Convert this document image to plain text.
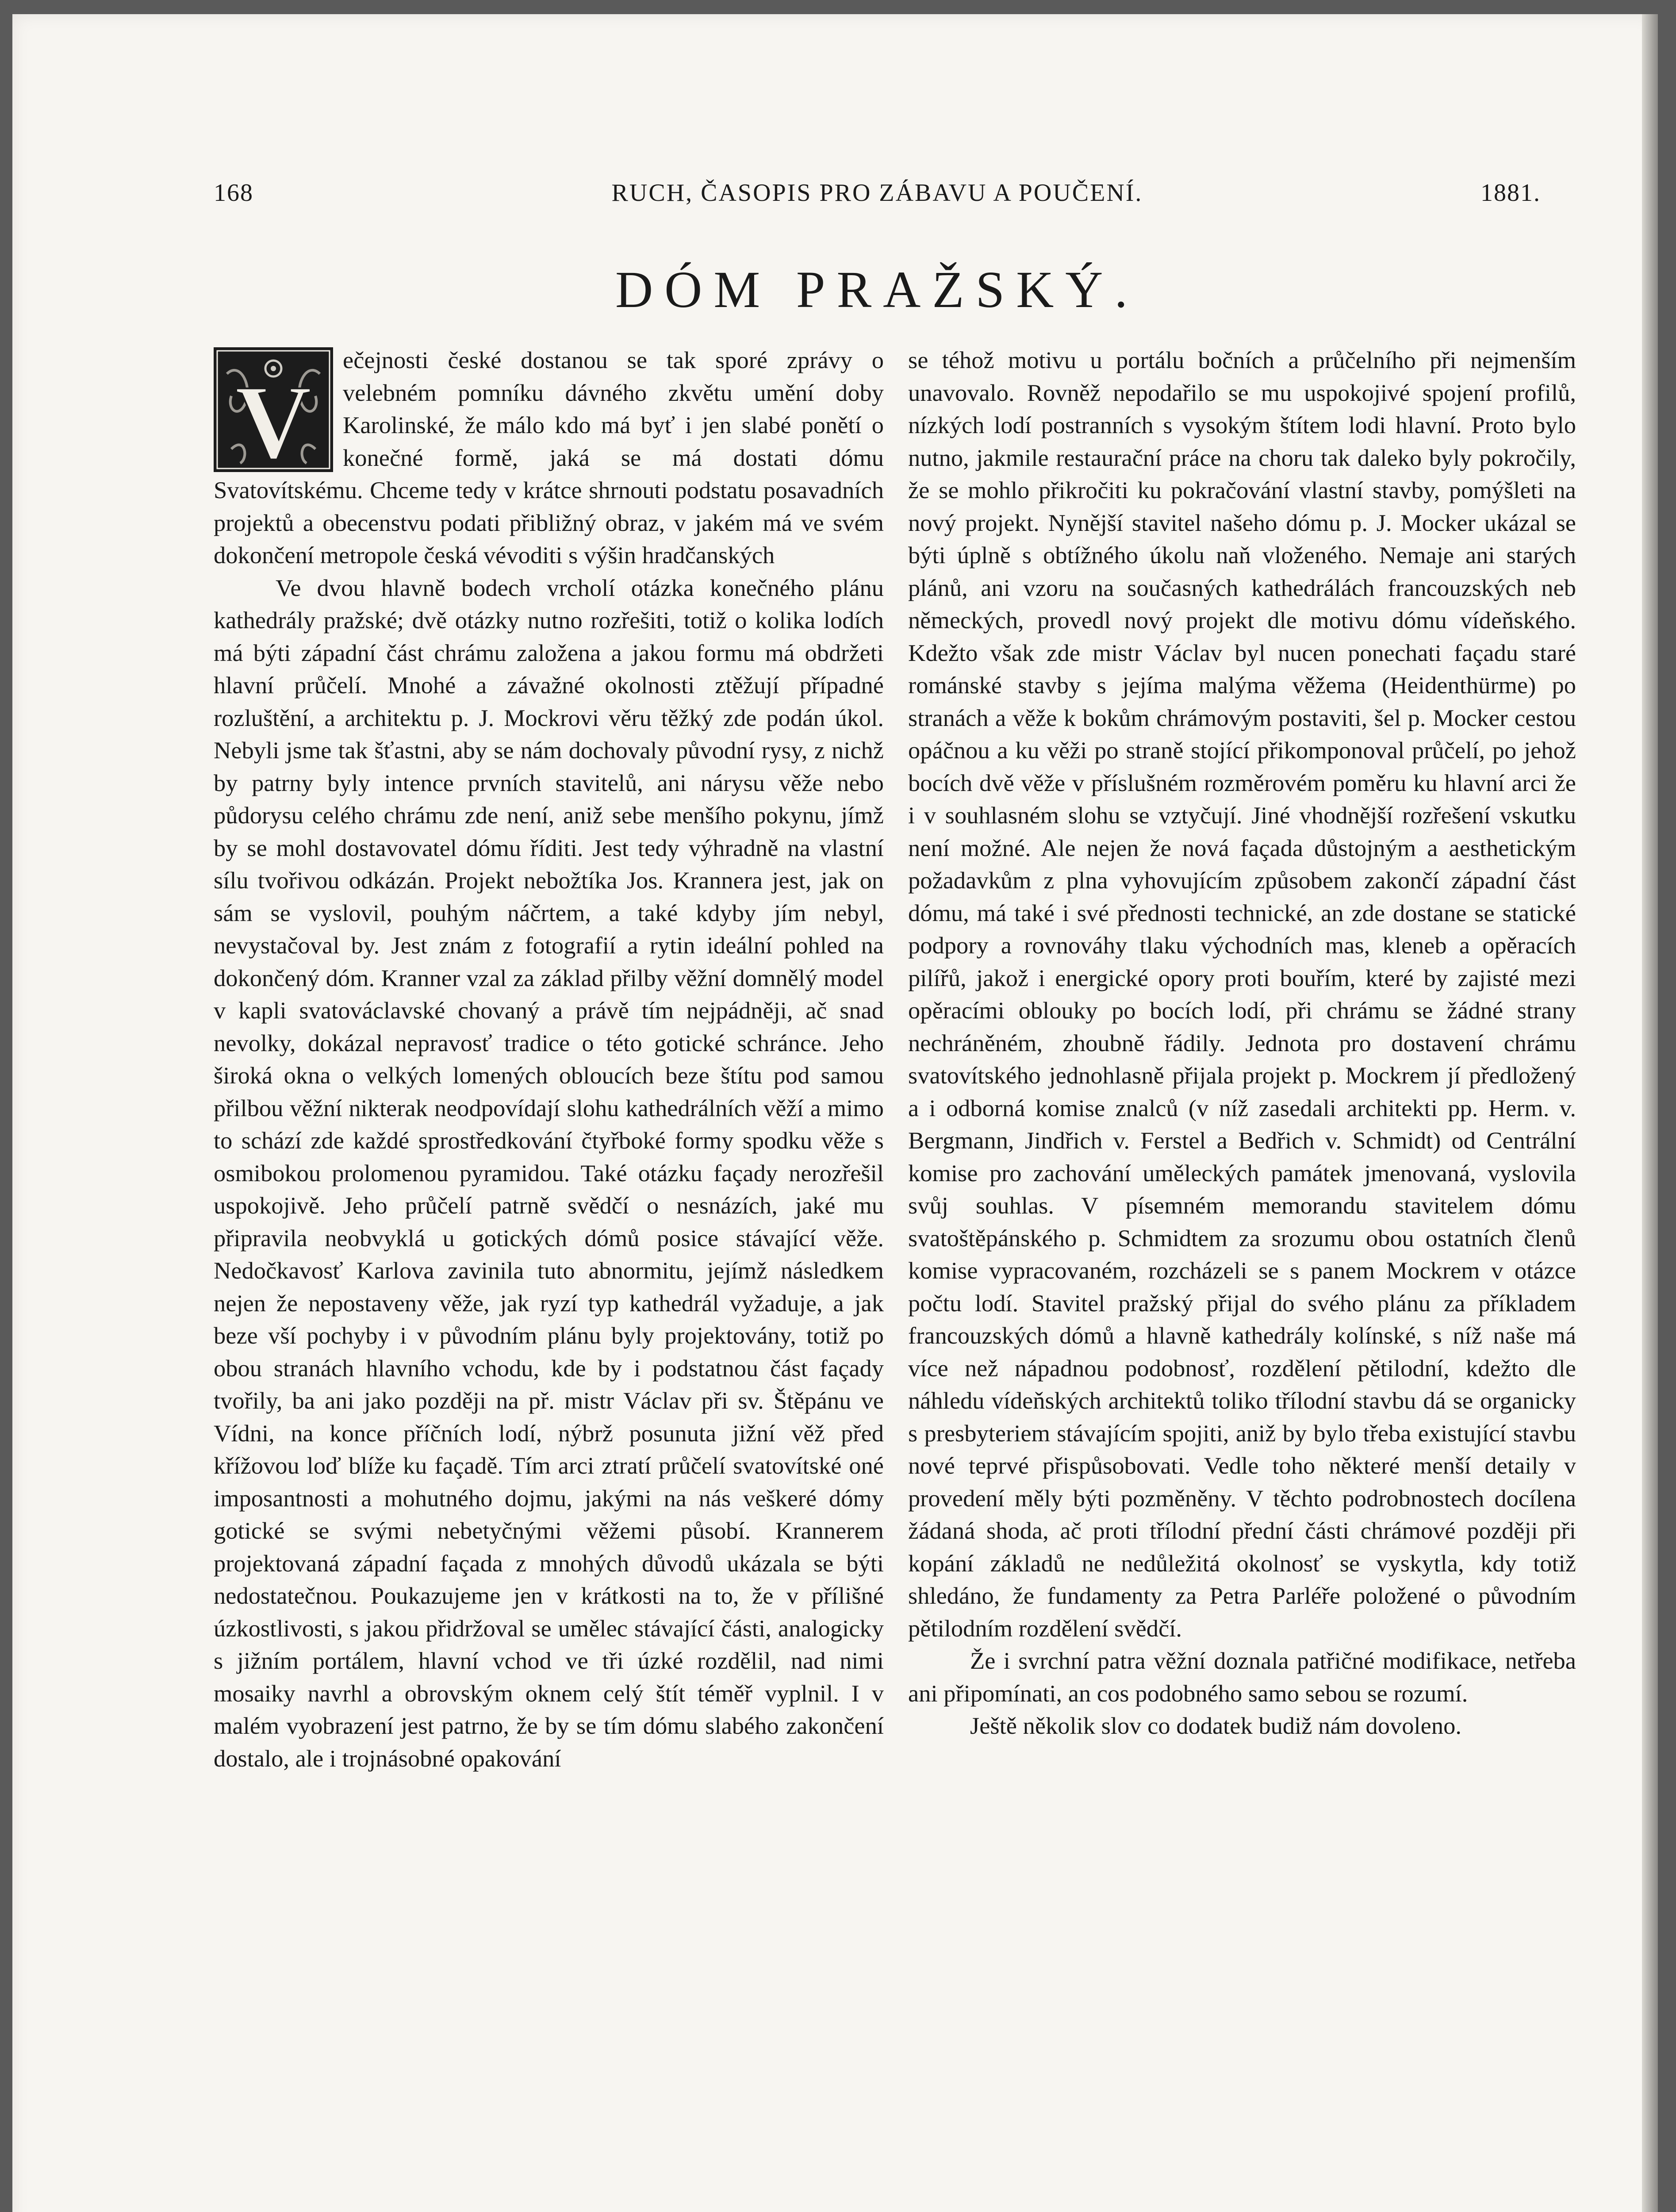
168	RUCH, ČASOPIS PRO ZÁBAVU A POUČENÍ.	1881.
DÓM PRAŽSKÝ.
V

ečejnosti české dostanou se tak sporé zprávy o velebném pomníku dávného zkvětu umění doby Karolinské, že málo kdo má byť i jen slabé ponětí o konečné formě, jaká se má dostati dómu Svatovítskému. Chceme tedy v krátce shrnouti podstatu posavadních projektů a obecenstvu podati přibližný obraz, v jakém má ve svém dokončení metropole česká vévoditi s výšin hradčanských

Ve dvou hlavně bodech vrcholí otázka konečného plánu kathedrály pražské; dvě otázky nutno rozřešiti, totiž o kolika lodích má býti západní část chrámu založena a jakou formu má obdržeti hlavní průčelí. Mnohé a závažné okolnosti ztěžují případné rozluštění, a architektu p. J. Mockrovi věru těžký zde podán úkol. Nebyli jsme tak šťastni, aby se nám dochovaly původní rysy, z nichž by patrny byly intence prvních stavitelů, ani nárysu věže nebo půdorysu celého chrámu zde není, aniž sebe menšího pokynu, jímž by se mohl dostavovatel dómu říditi. Jest tedy výhradně na vlastní sílu tvořivou odkázán. Projekt nebožtíka Jos. Krannera jest, jak on sám se vyslovil, pouhým náčrtem, a také kdyby jím nebyl, nevystačoval by. Jest znám z fotografií a rytin ideální pohled na dokončený dóm. Kranner vzal za základ přilby věžní domnělý model v kapli svatováclavské chovaný a právě tím nejpádněji, ač snad nevolky, dokázal nepravosť tradice o této gotické schránce. Jeho široká okna o velkých lomených obloucích beze štítu pod samou přilbou věžní nikterak neodpovídají slohu kathedrálních věží a mimo to schází zde každé sprostředkování čtyřboké formy spodku věže s osmibokou prolomenou pyramidou. Také otázku façady nerozřešil uspokojivě. Jeho průčelí patrně svědčí o nesnázích, jaké mu připravila neobvyklá u gotických dómů posice stávající věže. Nedočkavosť Karlova zavinila tuto abnormitu, jejímž následkem nejen že nepostaveny věže, jak ryzí typ kathedrál vyžaduje, a jak beze vší pochyby i v původním plánu byly projektovány, totiž po obou stranách hlavního vchodu, kde by i podstatnou část façady tvořily, ba ani jako později na př. mistr Václav při sv. Štěpánu ve Vídni, na konce příčních lodí, nýbrž posunuta jižní věž před křížovou loď blíže ku façadě. Tím arci ztratí průčelí svatovítské oné imposantnosti a mohutného dojmu, jakými na nás veškeré dómy gotické se svými nebetyčnými věžemi působí. Krannerem projektovaná západní façada z mnohých důvodů ukázala se býti nedostatečnou. Poukazujeme jen v krátkosti na to, že v přílišné úzkostlivosti, s jakou přidržoval se umělec stávající části, analogicky s jižním portálem, hlavní vchod ve tři úzké rozdělil, nad nimi mosaiky navrhl a obrovským oknem celý štít téměř vyplnil. I v malém vyobrazení jest patrno, že by se tím dómu slabého zakončení dostalo, ale i trojnásobné opakování

se téhož motivu u portálu bočních a průčelního při nejmenším unavovalo. Rovněž nepodařilo se mu uspokojivé spojení profilů, nízkých lodí postranních s vysokým štítem lodi hlavní. Proto bylo nutno, jakmile restaurační práce na choru tak daleko byly pokročily, že se mohlo přikročiti ku pokračování vlastní stavby, pomýšleti na nový projekt. Nynější stavitel našeho dómu p. J. Mocker ukázal se býti úplně s obtížného úkolu naň vloženého. Nemaje ani starých plánů, ani vzoru na současných kathedrálách francouzských neb německých, provedl nový projekt dle motivu dómu vídeňského. Kdežto však zde mistr Václav byl nucen ponechati façadu staré románské stavby s jejíma malýma věžema (Heidenthürme) po stranách a věže k bokům chrámovým postaviti, šel p. Mocker cestou opáčnou a ku věži po straně stojící přikomponoval průčelí, po jehož bocích dvě věže v příslušném rozměrovém poměru ku hlavní arci že i v souhlasném slohu se vztyčují. Jiné vhodnější rozřešení vskutku není možné. Ale nejen že nová façada důstojným a aesthetickým požadavkům z plna vyhovujícím způsobem zakončí západní část dómu, má také i své přednosti technické, an zde dostane se statické podpory a rovnováhy tlaku východních mas, kleneb a opěracích pilířů, jakož i energické opory proti bouřím, které by zajisté mezi opěracími oblouky po bocích lodí, při chrámu se žádné strany nechráněném, zhoubně řádily. Jednota pro dostavení chrámu svatovítského jednohlasně přijala projekt p. Mockrem jí předložený a i odborná komise znalců (v níž zasedali architekti pp. Herm. v. Bergmann, Jindřich v. Ferstel a Bedřich v. Schmidt) od Centrální komise pro zachování uměleckých památek jmenovaná, vyslovila svůj souhlas. V písemném memorandu stavitelem dómu svatoštěpánského p. Schmidtem za srozumu obou ostatních členů komise vypracovaném, rozcházeli se s panem Mockrem v otázce počtu lodí. Stavitel pražský přijal do svého plánu za příkladem francouzských dómů a hlavně kathedrály kolínské, s níž naše má více než nápadnou podobnosť, rozdělení pětilodní, kdežto dle náhledu vídeňských architektů toliko třílodní stavbu dá se organicky s presbyteriem stávajícím spojiti, aniž by bylo třeba existující stavbu nové teprvé přispůsobovati. Vedle toho některé menší detaily v provedení měly býti pozměněny. V těchto podrobnostech docílena žádaná shoda, ač proti třílodní přední části chrámové později při kopání základů ne nedůležitá okolnosť se vyskytla, kdy totiž shledáno, že fundamenty za Petra Parléře položené o původním pětilodním rozdělení svědčí.

Že i svrchní patra věžní doznala patřičné modifikace, netřeba ani připomínati, an cos podobného samo sebou se rozumí.

Ještě několik slov co dodatek budiž nám dovoleno.
